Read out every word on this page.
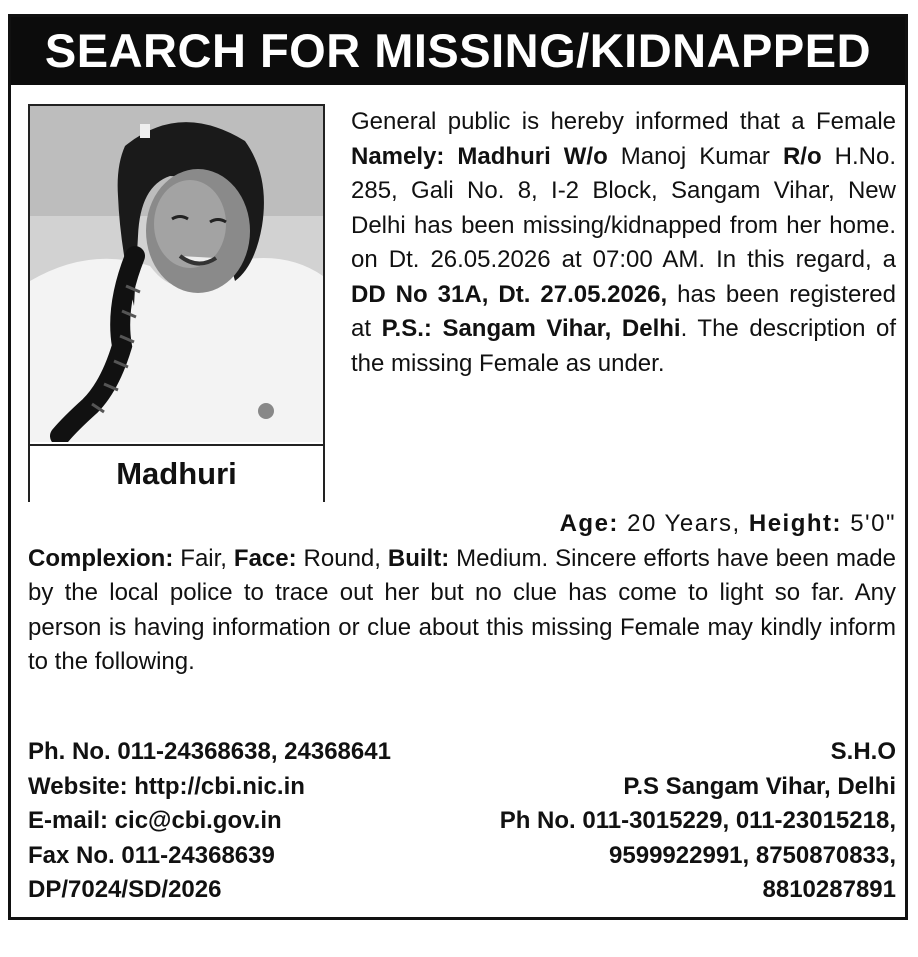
SEARCH FOR MISSING/KIDNAPPED
Madhuri

General public is hereby informed that a Female Namely: Madhuri W/o Manoj Kumar R/o H.No. 285, Gali No. 8, I-2 Block, Sangam Vihar, New Delhi has been missing/kidnapped from her home. on Dt. 26.05.2026 at 07:00 AM. In this regard, a DD No 31A, Dt. 27.05.2026, has been registered at P.S.: Sangam Vihar, Delhi. The description of the missing Female as under.

Age: 20 Years, Height: 5'0"

Complexion: Fair, Face: Round, Built: Medium. Sincere efforts have been made by the local police to trace out her but no clue has come to light so far. Any person is having information or clue about this missing Female may kindly inform to the following.

Ph. No. 011-24368638, 24368641
Website: http://cbi.nic.in
E-mail: cic@cbi.gov.in
Fax No. 011-24368639
DP/7024/SD/2026
S.H.O
P.S Sangam Vihar, Delhi
Ph No. 011-3015229, 011-23015218,
9599922991, 8750870833,
8810287891
